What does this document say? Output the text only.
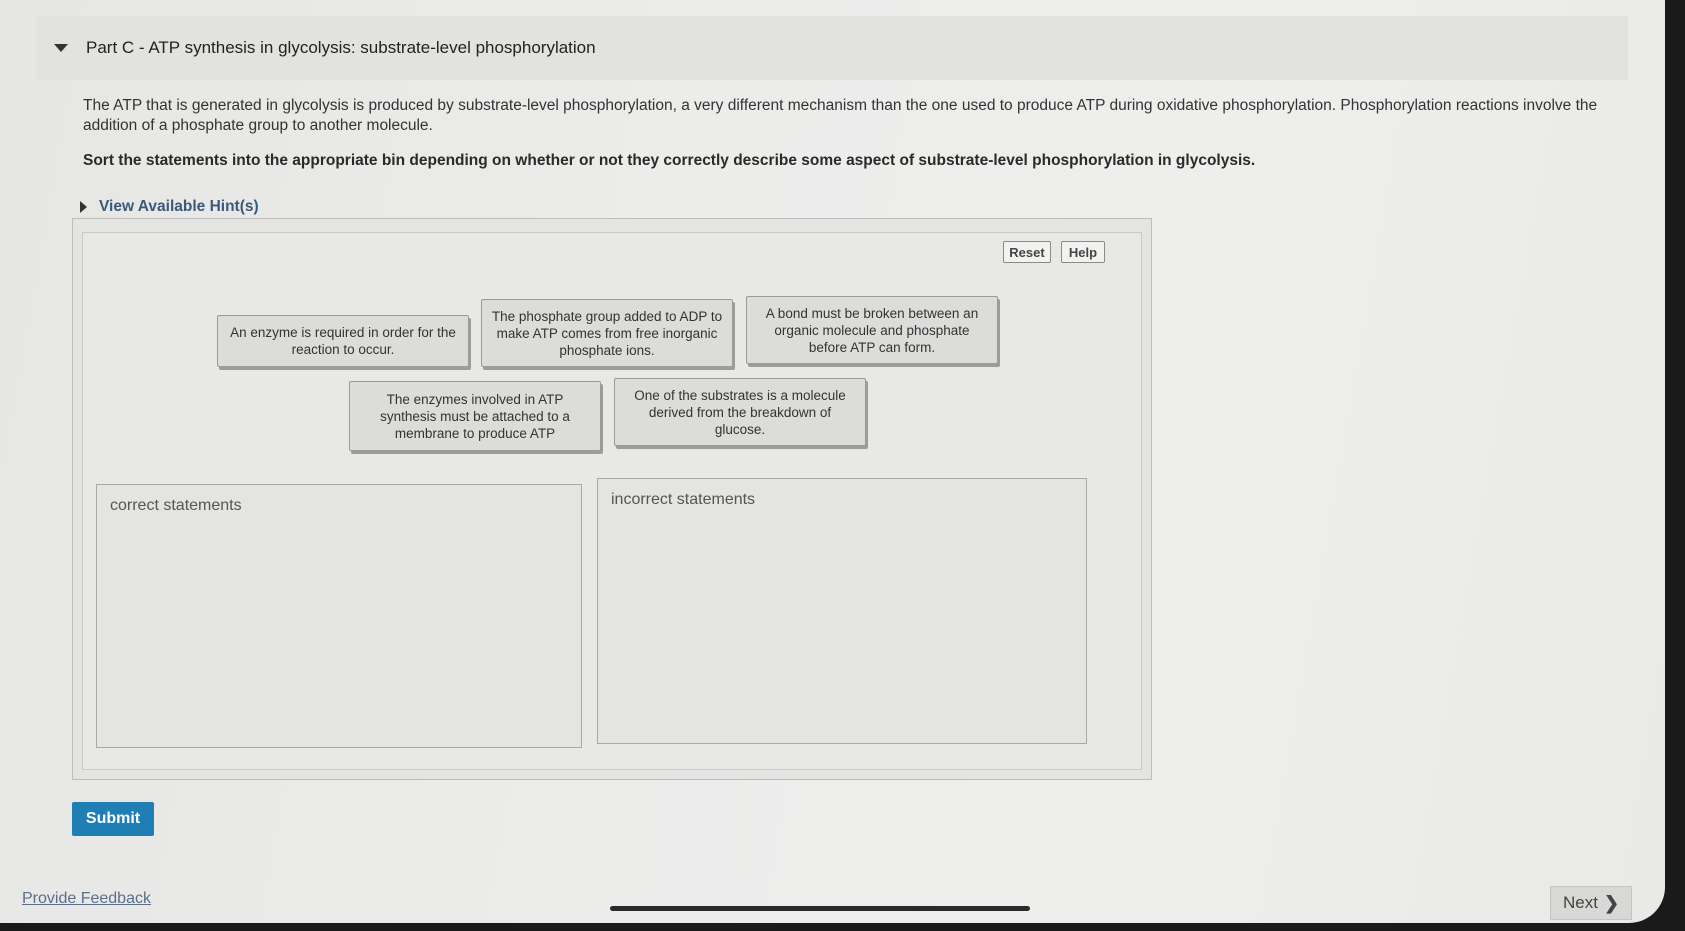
Part C - ATP synthesis in glycolysis: substrate-level phosphorylation
The ATP that is generated in glycolysis is produced by substrate-level phosphorylation, a very different mechanism than the one used to produce ATP during oxidative phosphorylation. Phosphorylation reactions involve the addition of a phosphate group to another molecule.
Sort the statements into the appropriate bin depending on whether or not they correctly describe some aspect of substrate-level phosphorylation in glycolysis.
View Available Hint(s)
Reset	Help
An enzyme is required in order for the reaction to occur.
The phosphate group added to ADP to make ATP comes from free inorganic phosphate ions.
A bond must be broken between an organic molecule and phosphate before ATP can form.
The enzymes involved in ATP synthesis must be attached to a membrane to produce ATP
One of the substrates is a molecule derived from the breakdown of glucose.
correct statements	incorrect statements
Submit
Provide Feedback	Next ❯
